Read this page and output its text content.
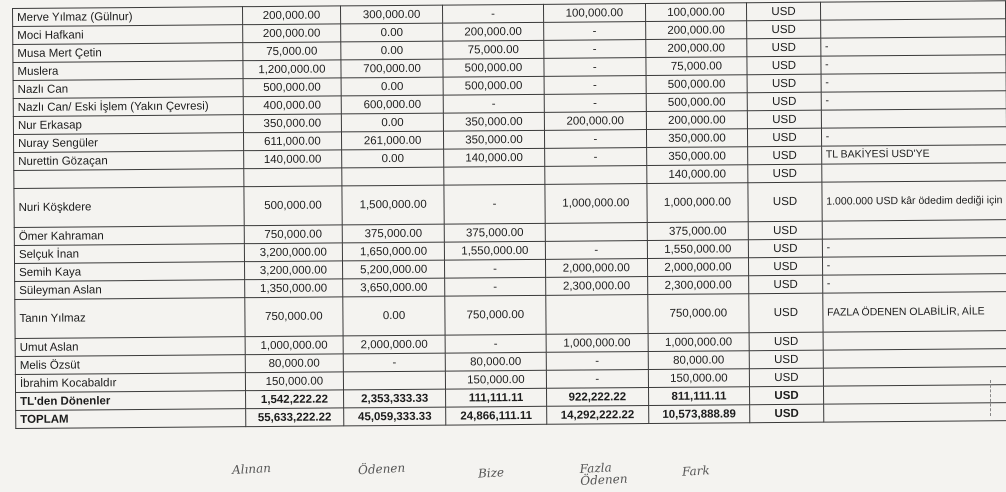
Merve Yılmaz (Gülnur)	200,000.00	300,000.00	-	100,000.00	100,000.00	USD	
Moci Hafkani	200,000.00	0.00	200,000.00	-	200,000.00	USD	
Musa Mert Çetin	75,000.00	0.00	75,000.00	-	200,000.00	USD	-
Muslera	1,200,000.00	700,000.00	500,000.00	-	75,000.00	USD	-
Nazlı Can	500,000.00	0.00	500,000.00	-	500,000.00	USD	-
Nazlı Can/ Eski İşlem (Yakın Çevresi)	400,000.00	600,000.00	-	-	500,000.00	USD	-
Nur Erkasap	350,000.00	0.00	350,000.00	200,000.00	200,000.00	USD	
Nuray Sengüler	611,000.00	261,000.00	350,000.00	-	350,000.00	USD	-
Nurettin Gözaçan	140,000.00	0.00	140,000.00	-	350,000.00	USD	TL BAKİYESİ USD'YE
					140,000.00	USD	
Nuri Köşkdere	500,000.00	1,500,000.00	-	1,000,000.00	1,000,000.00	USD	1.000.000 USD kâr ödedim dediği için
Ömer Kahraman	750,000.00	375,000.00	375,000.00		375,000.00	USD	
Selçuk İnan	3,200,000.00	1,650,000.00	1,550,000.00	-	1,550,000.00	USD	-
Semih Kaya	3,200,000.00	5,200,000.00	-	2,000,000.00	2,000,000.00	USD	-
Süleyman Aslan	1,350,000.00	3,650,000.00	-	2,300,000.00	2,300,000.00	USD	-
Tanın Yılmaz	750,000.00	0.00	750,000.00		750,000.00	USD	FAZLA ÖDENEN OLABİLİR, AİLE
Umut Aslan	1,000,000.00	2,000,000.00	-	1,000,000.00	1,000,000.00	USD	
Melis Özsüt	80,000.00	-	80,000.00	-	80,000.00	USD	
İbrahim Kocabaldır	150,000.00		150,000.00	-	150,000.00	USD	
TL'den Dönenler	1,542,222.22	2,353,333.33	111,111.11	922,222.22	811,111.11	USD	
TOPLAM	55,633,222.22	45,059,333.33	24,866,111.11	14,292,222.22	10,573,888.89	USD	
Alınan	Ödenen	Bize	Fazla Ödenen
Fark
